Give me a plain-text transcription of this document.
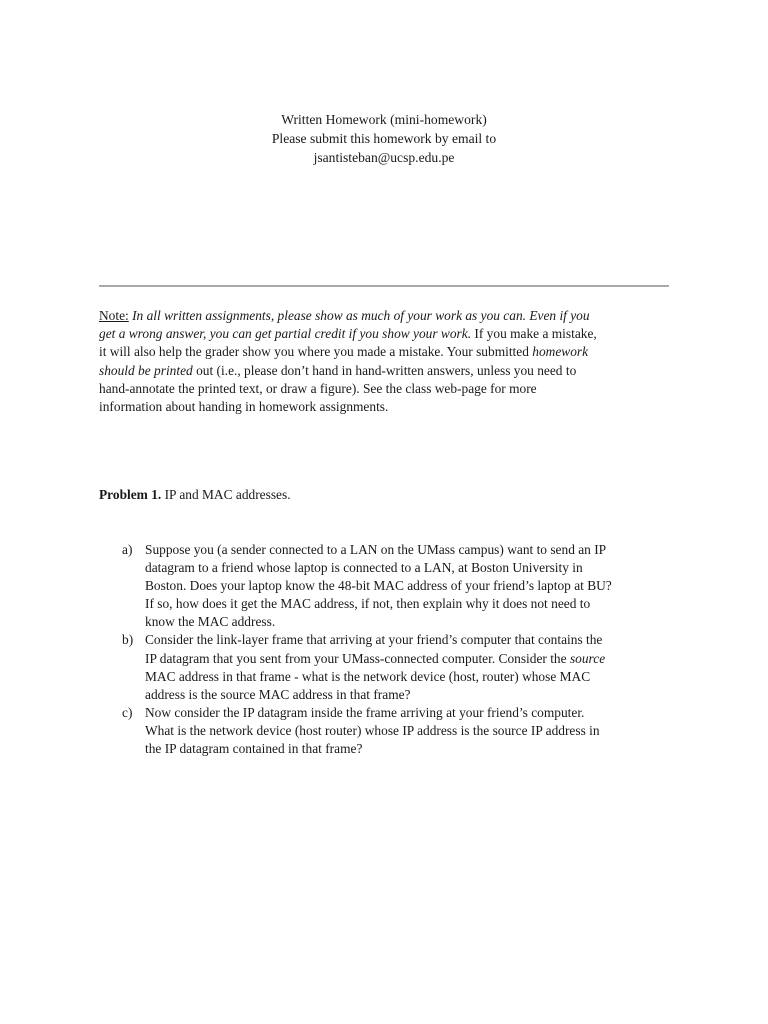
Written Homework (mini-homework)
Please submit this homework by email to
jsantisteban@ucsp.edu.pe
Note: In all written assignments, please show as much of your work as you can. Even if you
get a wrong answer, you can get partial credit if you show your work. If you make a mistake,
it will also help the grader show you where you made a mistake. Your submitted homework
should be printed out (i.e., please don’t hand in hand-written answers, unless you need to
hand-annotate the printed text, or draw a figure). See the class web-page for more
information about handing in homework assignments.
Problem 1. IP and MAC addresses.
a) Suppose you (a sender connected to a LAN on the UMass campus) want to send an IP
datagram to a friend whose laptop is connected to a LAN, at Boston University in
Boston. Does your laptop know the 48-bit MAC address of your friend’s laptop at BU?
If so, how does it get the MAC address, if not, then explain why it does not need to
know the MAC address.
b) Consider the link-layer frame that arriving at your friend’s computer that contains the
IP datagram that you sent from your UMass-connected computer. Consider the source
MAC address in that frame - what is the network device (host, router) whose MAC
address is the source MAC address in that frame?
c) Now consider the IP datagram inside the frame arriving at your friend’s computer.
What is the network device (host router) whose IP address is the source IP address in
the IP datagram contained in that frame?
